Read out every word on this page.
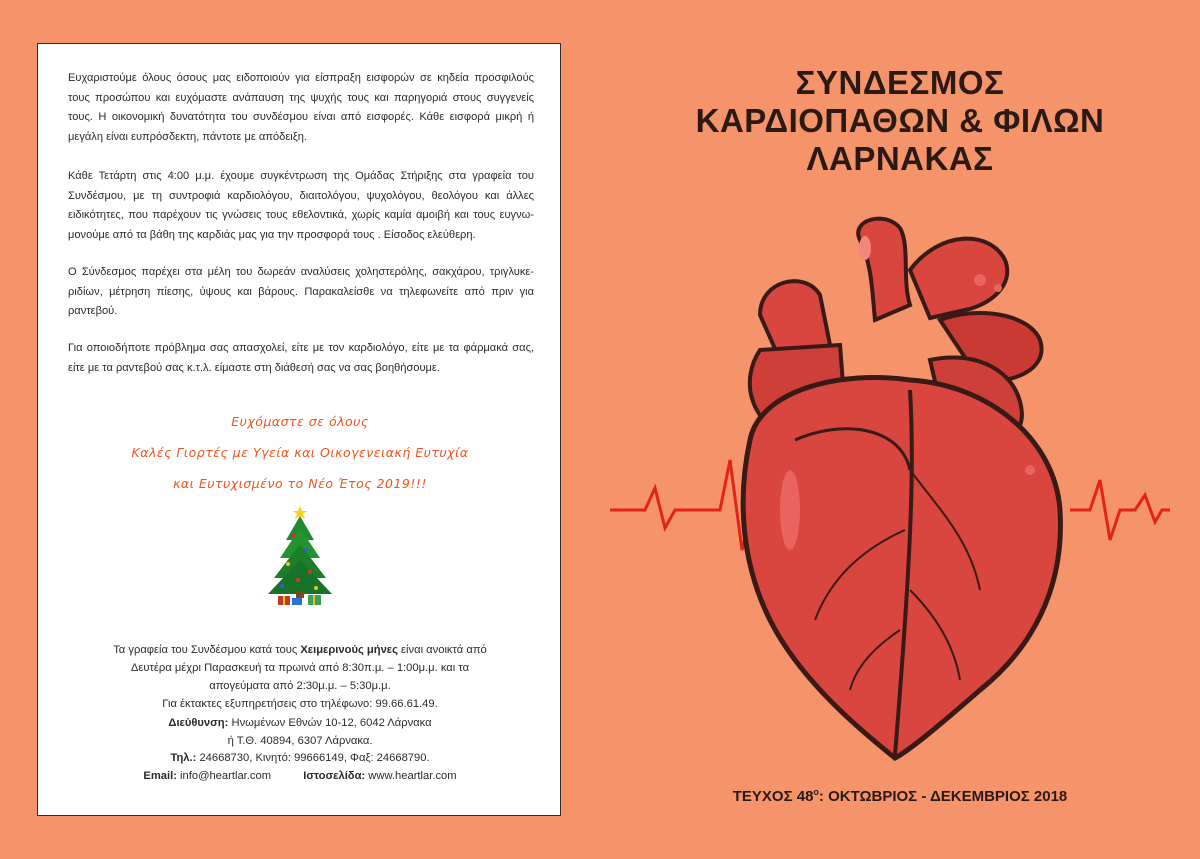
Ευχαριστούμε όλους όσους μας ειδοποιούν για είσπραξη εισφορών σε κηδεία προσφιλούς τους προσώπου και ευχόμαστε ανάπαυση της ψυχής τους και παρηγοριά στους συγγενείς τους. Η οικονομική δυνατότητα του συνδέσμου είναι από εισφορές. Κάθε εισφορά μικρή ή μεγάλη είναι ευπρόσδεκτη, πάντοτε με απόδειξη.

Κάθε Τετάρτη στις 4:00 μ.μ. έχουμε συγκέντρωση της Ομάδας Στήριξης στα γραφεία του Συνδέσμου, με τη συντροφιά καρδιολόγου, διαιτολόγου, ψυχολόγου, θεολόγου και άλλες ειδικότητες, που παρέχουν τις γνώσεις τους εθελοντικά, χωρίς καμία αμοιβή και τους ευγνω-μονούμε από τα βάθη της καρδιάς μας για την προσφορά τους . Είσοδος ελεύθερη.

Ο Σύνδεσμος παρέχει στα μέλη του δωρεάν αναλύσεις χοληστερόλης, σακχάρου, τριγλυκε-ριδίων, μέτρηση πίεσης, ύψους και βάρους. Παρακαλείσθε να τηλεφωνείτε από πριν για ραντεβού.

Για οποιοδήποτε πρόβλημα σας απασχολεί, είτε με τον καρδιολόγο, είτε με τα φάρμακά σας, είτε με τα ραντεβού σας κ.τ.λ. είμαστε στη διάθεσή σας να σας βοηθήσουμε.

Ευχόμαστε σε όλους

Καλές Γιορτές με Υγεία και Οικογενειακή Ευτυχία

και Ευτυχισμένο το Νέο Έτος 2019!!!

Τα γραφεία του Συνδέσμου κατά τους Χειμερινούς μήνες είναι ανοικτά από
Δευτέρα μέχρι Παρασκευή τα πρωινά από 8:30π.μ. – 1:00μ.μ. και τα
απογεύματα από 2:30μ.μ. – 5:30μ.μ.
Για έκτακτες εξυπηρετήσεις στο τηλέφωνο: 99.66.61.49.
Διεύθυνση: Ηνωμένων Εθνών 10-12, 6042 Λάρνακα
ή Τ.Θ. 40894, 6307 Λάρνακα.
Τηλ.: 24668730, Κινητό: 99666149, Φαξ: 24668790.
Email: info@heartlar.com	Ιστοσελίδα: www.heartlar.com
ΣΥΝΔΕΣΜΟΣ
ΚΑΡΔΙΟΠΑΘΩΝ & ΦΙΛΩΝ
ΛΑΡΝΑΚΑΣ
ΤΕΥΧΟΣ $48^o$: ΟΚΤΩΒΡΙΟΣ - ΔΕΚΕΜΒΡΙΟΣ 2018
